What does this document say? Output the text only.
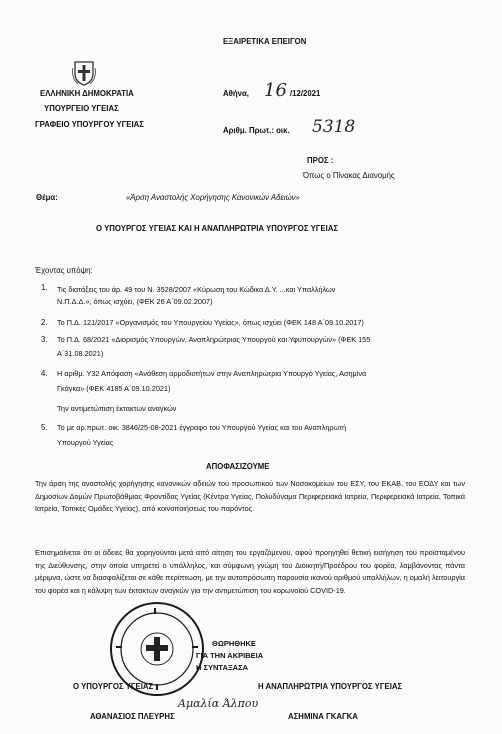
ΕΞΑΙΡΕΤΙΚΑ ΕΠΕΙΓΟΝ
ΕΛΛΗΝΙΚΗ ΔΗΜΟΚΡΑΤΙΑ
ΥΠΟΥΡΓΕΙΟ ΥΓΕΙΑΣ
ΓΡΑΦΕΙΟ ΥΠΟΥΡΓΟΥ ΥΓΕΙΑΣ
Αθήνα, 16 /12/2021
Αριθμ. Πρωτ.: οικ. 5318
ΠΡΟΣ :
Όπως ο Πίνακας Διανομής
Θέμα:	«Άρση Αναστολής Χορήγησης Κανονικών Αδειών»
Ο ΥΠΟΥΡΓΟΣ ΥΓΕΙΑΣ ΚΑΙ Η ΑΝΑΠΛΗΡΩΤΡΙΑ ΥΠΟΥΡΓΟΣ ΥΓΕΙΑΣ
Έχοντας υπόψη:
1. Τις διατάξεις του άρ. 49 του Ν. 3528/2007 «Κύρωση του Κώδικα Δ.Υ. ...και Υπαλλήλων
Ν.Π.Δ.Δ.», όπως ισχύει, (ΦΕΚ 26 Α΄09.02.2007)
2. Το Π.Δ. 121/2017 «Οργανισμός του Υπουργείου Υγείας», όπως ισχύει (ΦΕΚ 148 Α΄09.10.2017)
3. Το Π.Δ. 68/2021 «Διορισμός Υπουργών, Αναπληρώτριας Υπουργού και Υφυπουργών» (ΦΕΚ 155
Α΄31.08.2021)
4. Η αριθμ. Υ32 Απόφαση «Ανάθεση αρμοδιοτήτων στην Αναπληρώτρια Υπουργό Υγείας, Ασημίνα
Γκάγκα» (ΦΕΚ 4185 Α΄09.10.2021)
Την αντιμετώπιση έκτακτων αναγκών
5. Το με αρ.πρωτ. οικ. 3846/25-08-2021 έγγραφο του Υπουργού Υγείας και του Αναπληρωτή
Υπουργού Υγείας
ΑΠΟΦΑΣΙΖΟΥΜΕ
Την άρση της αναστολής χορήγησης κανονικών αδειών του προσωπικού των Νοσοκομείων του ΕΣΥ, του ΕΚΑΒ, του ΕΟΔΥ και των Δημοσίων Δομών Πρωτοβάθμιας Φροντίδας Υγείας (Κέντρα Υγείας, Πολυδύναμα Περιφερειακά Ιατρεία, Περιφερειακά Ιατρεία, Τοπικά Ιατρεία, Τοπικές Ομάδες Υγείας), από κοινοποιήσεως του παρόντος.
Επισημαίνεται ότι οι άδειες θα χορηγούνται μετά από αίτηση του εργαζόμενου, αφού προηγηθεί θετική εισήγηση του προϊσταμένου της Διεύθυνσης, στην οποία υπηρετεί ο υπάλληλος, και σύμφωνη γνώμη του Διοικητή/Προέδρου του φορέα, λαμβάνοντας πάντα μέριμνα, ώστε να διασφαλίζεται σε κάθε περίπτωση, με την αυτοπρόσωπη παρουσία ικανού αριθμού υπαλλήλων, η ομαλή λειτουργία του φορέα και η κάλυψη των έκτακτων αναγκών για την αντιμετώπιση του κορωνοϊού COVID-19.
ΘΩΡΗΘΗΚΕ
ΓΙΑ ΤΗΝ ΑΚΡΙΒΕΙΑ
Η ΣΥΝΤΑΞΑΣΑ
Αμαλία Άλπου
Ο ΥΠΟΥΡΓΟΣ ΥΓΕΙΑΣ
ΑΘΑΝΑΣΙΟΣ ΠΛΕΥΡΗΣ
Η ΑΝΑΠΛΗΡΩΤΡΙΑ ΥΠΟΥΡΓΟΣ ΥΓΕΙΑΣ
ΑΣΗΜΙΝΑ ΓΚΑΓΚΑ
